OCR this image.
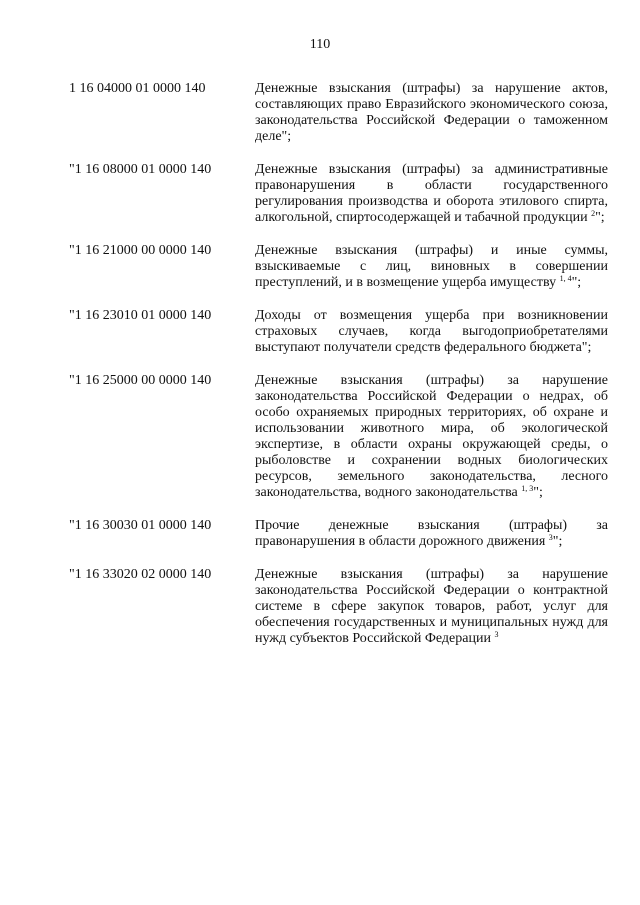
110
1 16 04000 01 0000 140	Денежные взыскания (штрафы) за нарушение актов, составляющих право Евразийского экономического союза, законодательства Российской Федерации о таможенном деле";
"1 16 08000 01 0000 140	Денежные взыскания (штрафы) за административные правонарушения в области государственного регулирования производства и оборота этилового спирта, алкогольной, спиртосодержащей и табачной продукции $^2$";
"1 16 21000 00 0000 140	Денежные взыскания (штрафы) и иные суммы, взыскиваемые с лиц, виновных в совершении преступлений, и в возмещение ущерба имуществу $^{1, 4}$";
"1 16 23010 01 0000 140	Доходы от возмещения ущерба при возникновении страховых случаев, когда выгодоприобретателями выступают получатели средств федерального бюджета";
"1 16 25000 00 0000 140	Денежные взыскания (штрафы) за нарушение законодательства Российской Федерации о недрах, об особо охраняемых природных территориях, об охране и использовании животного мира, об экологической экспертизе, в области охраны окружающей среды, о рыболовстве и сохранении водных биологических ресурсов, земельного законодательства, лесного законодательства, водного законодательства $^{1, 3}$";
"1 16 30030 01 0000 140	Прочие денежные взыскания (штрафы) за правонарушения в области дорожного движения $^3$";
"1 16 33020 02 0000 140	Денежные взыскания (штрафы) за нарушение законодательства Российской Федерации о контрактной системе в сфере закупок товаров, работ, услуг для обеспечения государственных и муниципальных нужд для нужд субъектов Российской Федерации $^3$
